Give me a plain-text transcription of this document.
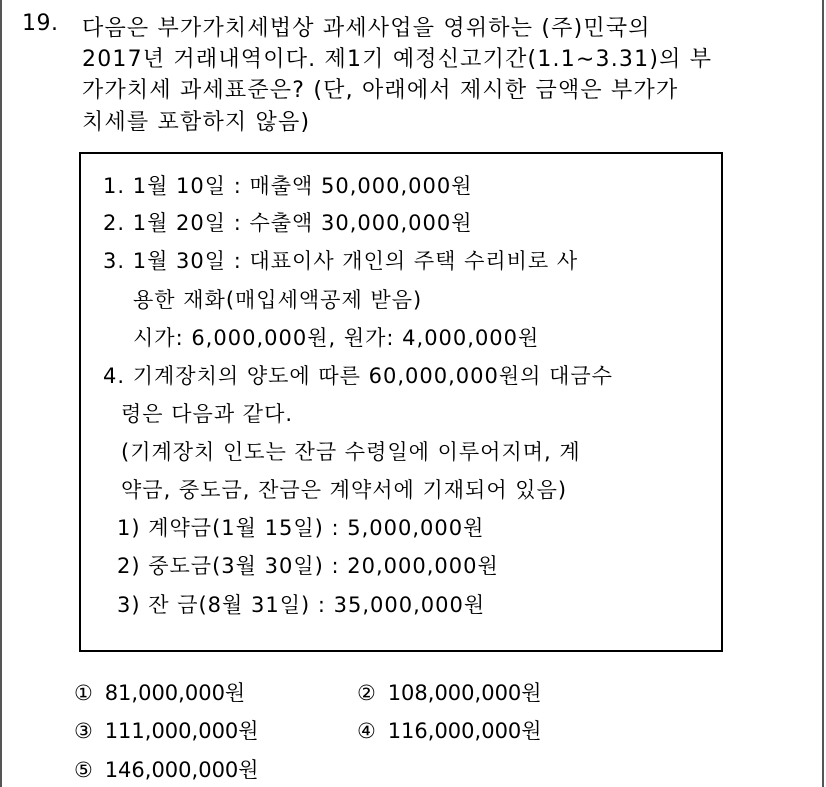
19. 다음은 부가가치세법상 과세사업을 영위하는 (주)민국의
2017년 거래내역이다. 제1기 예정신고기간(1.1∼3.31)의 부
가가치세 과세표준은? (단, 아래에서 제시한 금액은 부가가
치세를 포함하지 않음)
1. 1월 10일 : 매출액 50,000,000원
2. 1월 20일 : 수출액 30,000,000원
3. 1월 30일 : 대표이사 개인의 주택 수리비로 사
용한 재화(매입세액공제 받음)
시가: 6,000,000원, 원가: 4,000,000원
4. 기계장치의 양도에 따른 60,000,000원의 대금수
령은 다음과 같다.
(기계장치 인도는 잔금 수령일에 이루어지며, 계
약금, 중도금, 잔금은 계약서에 기재되어 있음)
1) 계약금(1월 15일) : 5,000,000원
2) 중도금(3월 30일) : 20,000,000원
3) 잔 금(8월 31일) : 35,000,000원
① 81,000,000원	② 108,000,000원
③ 111,000,000원	④ 116,000,000원
⑤ 146,000,000원
